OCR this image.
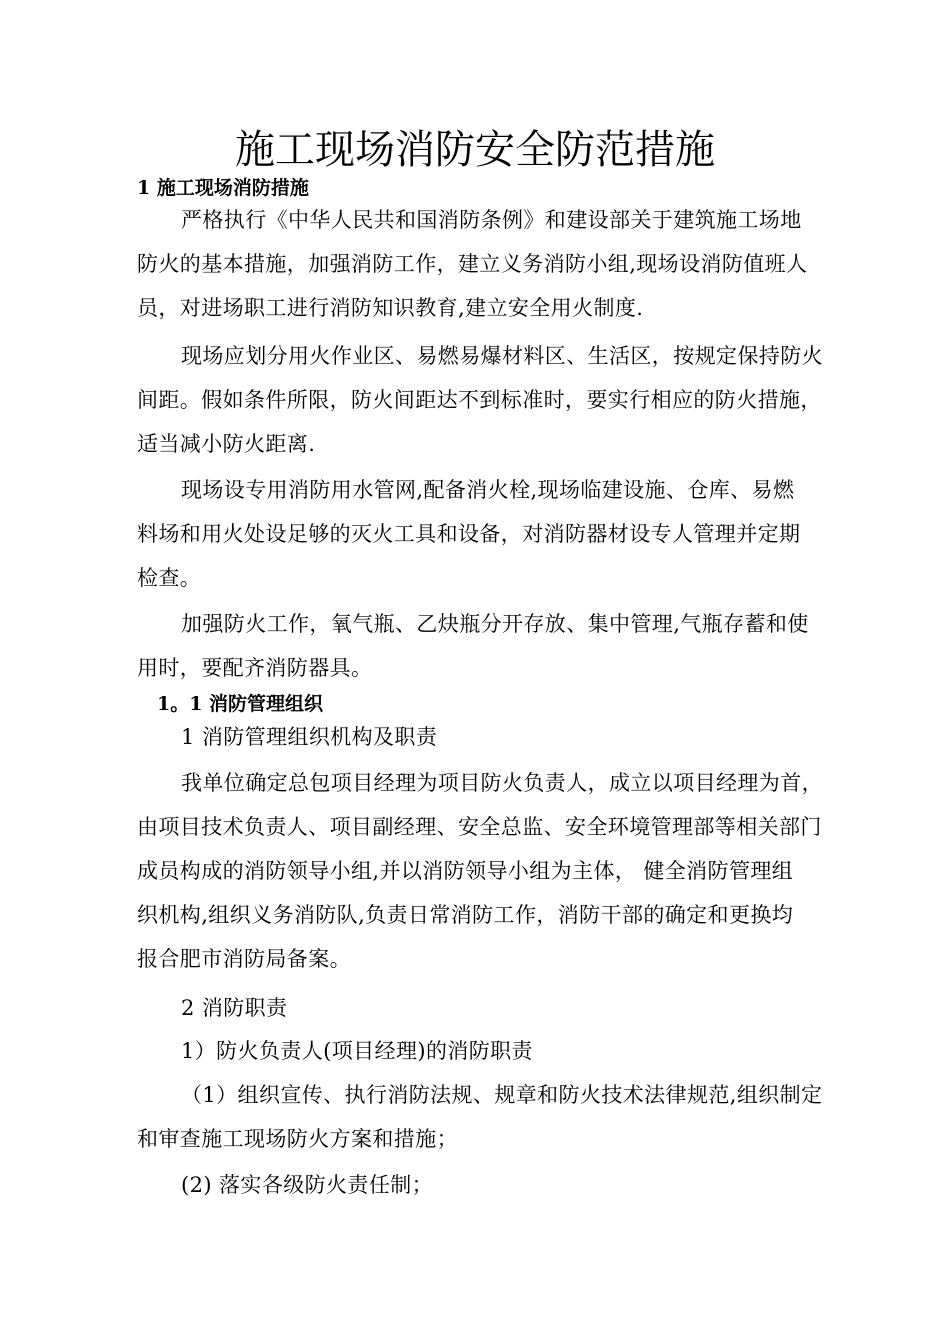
施工现场消防安全防范措施
1 施工现场消防措施
严格执行《中华人民共和国消防条例》和建设部关于建筑施工场地
防火的基本措施，加强消防工作，建立义务消防小组,现场设消防值班人
员，对进场职工进行消防知识教育,建立安全用火制度.
现场应划分用火作业区、易燃易爆材料区、生活区，按规定保持防火
间距。假如条件所限，防火间距达不到标准时，要实行相应的防火措施，
适当减小防火距离.
现场设专用消防用水管网,配备消火栓,现场临建设施、仓库、易燃
料场和用火处设足够的灭火工具和设备，对消防器材设专人管理并定期
检查。
加强防火工作，氧气瓶、乙炔瓶分开存放、集中管理,气瓶存蓄和使
用时，要配齐消防器具。
1。1 消防管理组织
1 消防管理组织机构及职责
我单位确定总包项目经理为项目防火负责人，成立以项目经理为首，
由项目技术负责人、项目副经理、安全总监、安全环境管理部等相关部门
成员构成的消防领导小组,并以消防领导小组为主体， 健全消防管理组
织机构,组织义务消防队,负责日常消防工作，消防干部的确定和更换均
报合肥市消防局备案。
2 消防职责
1）防火负责人(项目经理)的消防职责
（1）组织宣传、执行消防法规、规章和防火技术法律规范,组织制定
和审查施工现场防火方案和措施；
(2) 落实各级防火责任制；
